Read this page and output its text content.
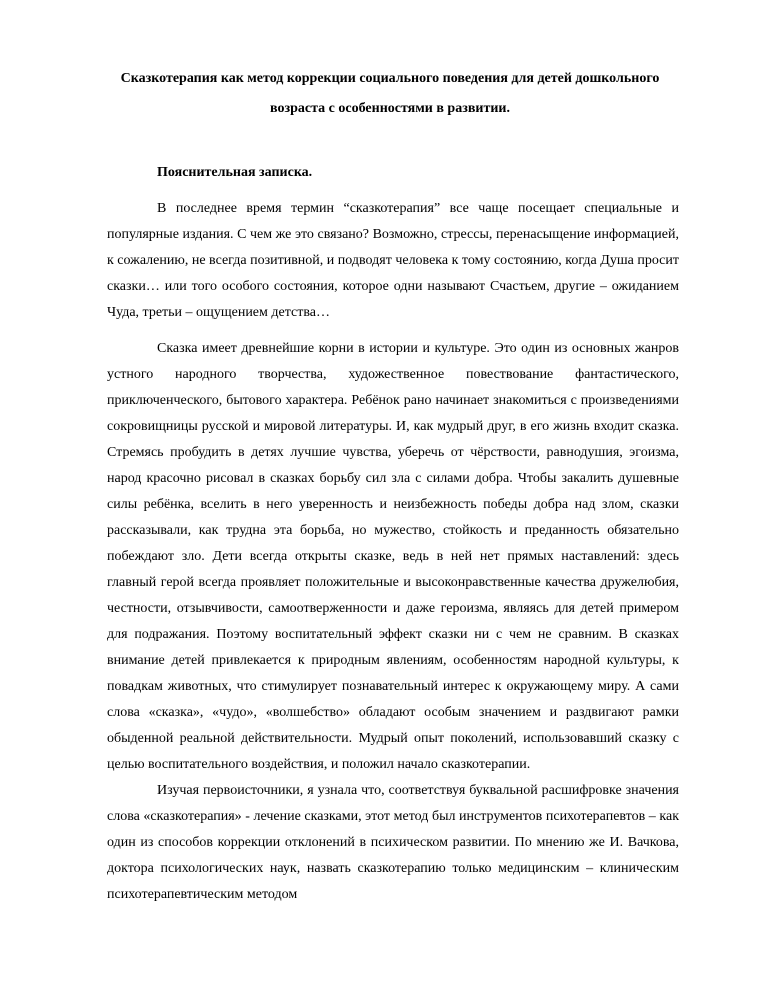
Сказкотерапия как метод коррекции социального поведения для детей дошкольного возраста с особенностями в развитии.
Пояснительная записка.

В последнее время термин “сказкотерапия” все чаще посещает специальные и популярные издания. С чем же это связано? Возможно, стрессы, перенасыщение информацией, к сожалению, не всегда позитивной, и подводят человека к тому состоянию, когда Душа просит сказки… или того особого состояния, которое одни называют Счастьем, другие – ожиданием Чуда, третьи – ощущением детства…

Сказка имеет древнейшие корни в истории и культуре. Это один из основных жанров устного народного творчества, художественное повествование фантастического, приключенческого, бытового характера. Ребёнок рано начинает знакомиться с произведениями сокровищницы русской и мировой литературы. И, как мудрый друг, в его жизнь входит сказка. Стремясь пробудить в детях лучшие чувства, уберечь от чёрствости, равнодушия, эгоизма, народ красочно рисовал в сказках борьбу сил зла с силами добра. Чтобы закалить душевные силы ребёнка, вселить в него уверенность и неизбежность победы добра над злом, сказки рассказывали, как трудна эта борьба, но мужество, стойкость и преданность обязательно побеждают зло. Дети всегда открыты сказке, ведь в ней нет прямых наставлений: здесь главный герой всегда проявляет положительные и высоконравственные качества дружелюбия, честности, отзывчивости, самоотверженности и даже героизма, являясь для детей примером для подражания. Поэтому воспитательный эффект сказки ни с чем не сравним. В сказках внимание детей привлекается к природным явлениям, особенностям народной культуры, к повадкам животных, что стимулирует познавательный интерес к окружающему миру. А сами слова «сказка», «чудо», «волшебство» обладают особым значением и раздвигают рамки обыденной реальной действительности. Мудрый опыт поколений, использовавший сказку с целью воспитательного воздействия, и положил начало сказкотерапии.

Изучая первоисточники, я узнала что, соответствуя буквальной расшифровке значения слова «сказкотерапия» - лечение сказками, этот метод был инструментов психотерапевтов – как один из способов коррекции отклонений в психическом развитии. По мнению же И. Вачкова, доктора психологических наук, назвать сказкотерапию только медицинским – клиническим психотерапевтическим методом
